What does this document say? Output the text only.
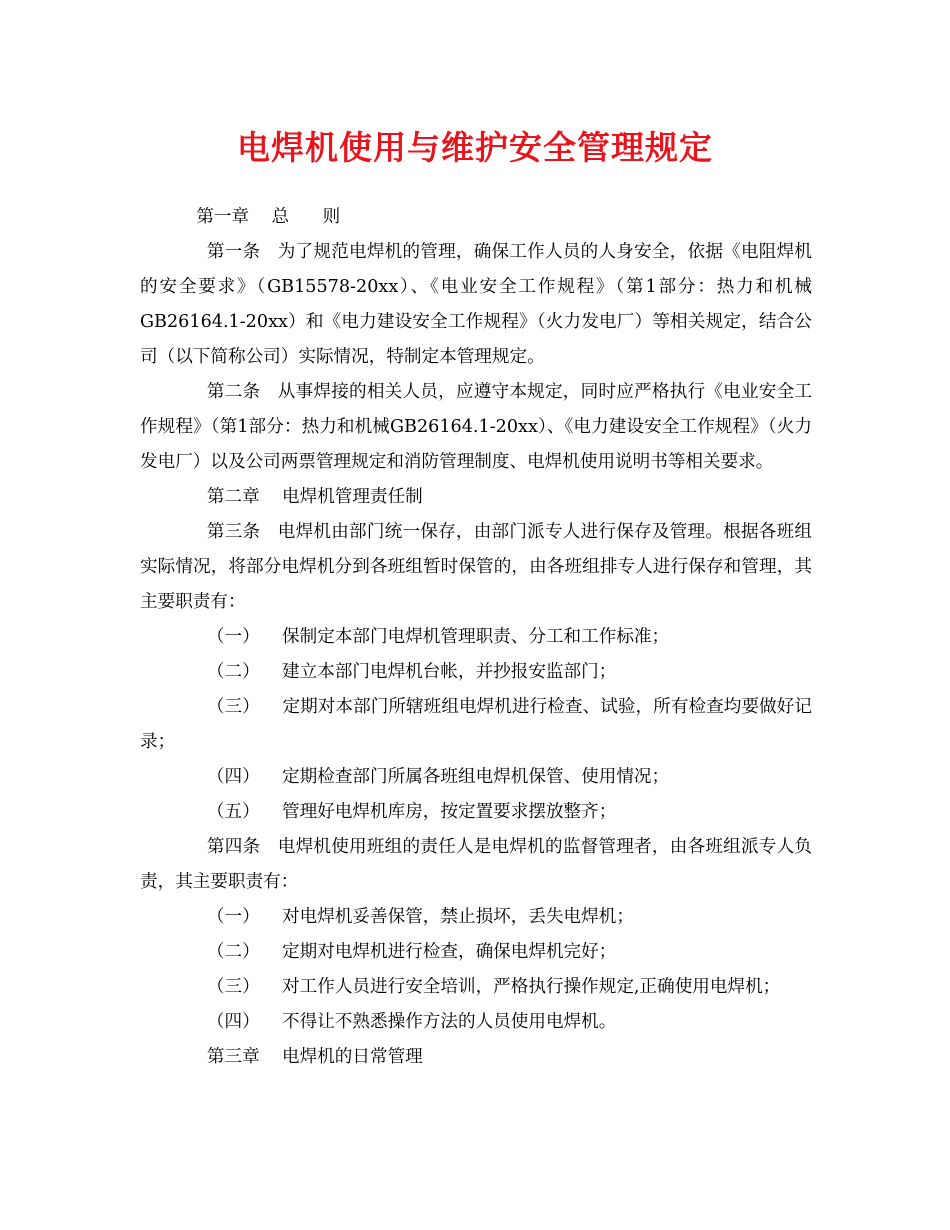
电焊机使用与维护安全管理规定

第一章    总      则

第一条   为了规范电焊机的管理，确保工作人员的人身安全，依据《电阻焊机的安全要求》（GB15578-20xx）、《电业安全工作规程》（第1部分：热力和机械GB26164.1-20xx）和《电力建设安全工作规程》（火力发电厂）等相关规定，结合公司（以下简称公司）实际情况，特制定本管理规定。

第二条   从事焊接的相关人员，应遵守本规定，同时应严格执行《电业安全工作规程》（第1部分：热力和机械GB26164.1-20xx）、《电力建设安全工作规程》（火力发电厂）以及公司两票管理规定和消防管理制度、电焊机使用说明书等相关要求。

第二章    电焊机管理责任制

第三条   电焊机由部门统一保存，由部门派专人进行保存及管理。根据各班组实际情况，将部分电焊机分到各班组暂时保管的，由各班组排专人进行保存和管理，其主要职责有：

（一）    保制定本部门电焊机管理职责、分工和工作标准；

（二）    建立本部门电焊机台帐，并抄报安监部门；

（三）    定期对本部门所辖班组电焊机进行检查、试验，所有检查均要做好记录；

（四）    定期检查部门所属各班组电焊机保管、使用情况；

（五）    管理好电焊机库房，按定置要求摆放整齐；

第四条   电焊机使用班组的责任人是电焊机的监督管理者，由各班组派专人负责，其主要职责有：

（一）    对电焊机妥善保管，禁止损坏，丢失电焊机；

（二）    定期对电焊机进行检查，确保电焊机完好；

（三）    对工作人员进行安全培训，严格执行操作规定,正确使用电焊机；

（四）    不得让不熟悉操作方法的人员使用电焊机。

第三章    电焊机的日常管理
